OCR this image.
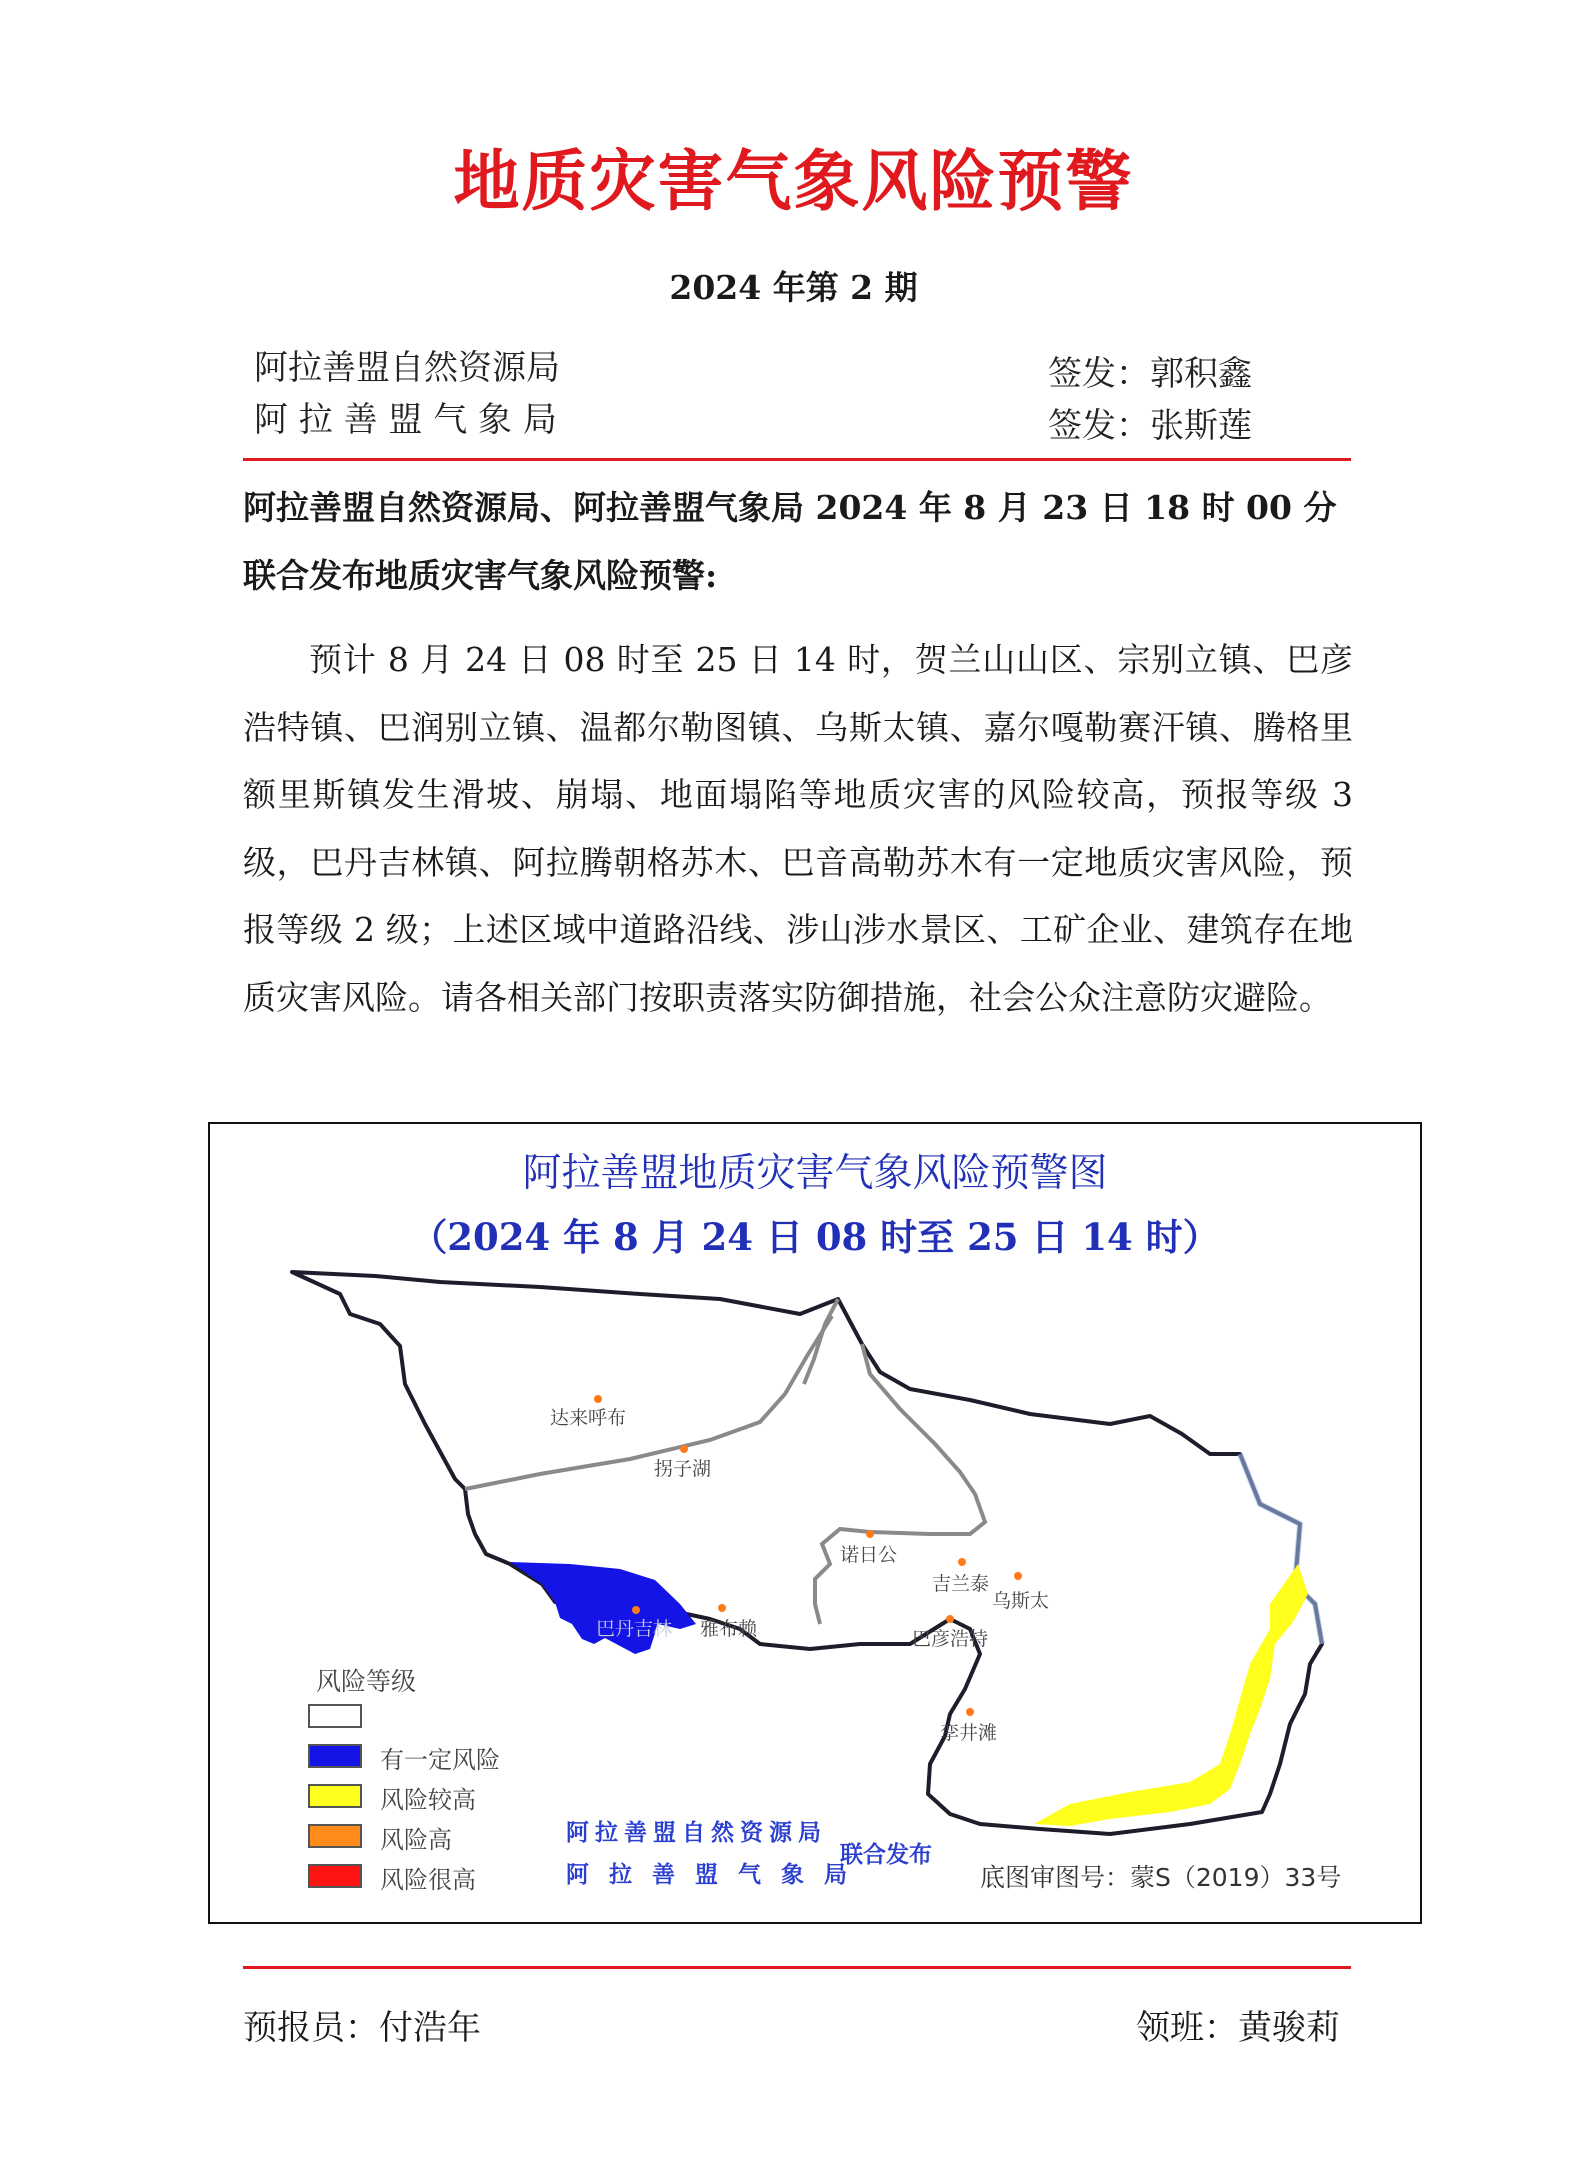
地质灾害气象风险预警
2024 年第 2 期
阿拉善盟自然资源局	签发：郭积鑫
阿 拉 善 盟 气 象 局	签发：张斯莲
阿拉善盟自然资源局、阿拉善盟气象局 2024 年 8 月 23 日 18 时 00 分联合发布地质灾害气象风险预警:
预计 8 月 24 日 08 时至 25 日 14 时，贺兰山山区、宗别立镇、巴彦浩特镇、巴润别立镇、温都尔勒图镇、乌斯太镇、嘉尔嘎勒赛汗镇、腾格里额里斯镇发生滑坡、崩塌、地面塌陷等地质灾害的风险较高，预报等级 3 级，巴丹吉林镇、阿拉腾朝格苏木、巴音高勒苏木有一定地质灾害风险，预报等级 2 级；上述区域中道路沿线、涉山涉水景区、工矿企业、建筑存在地质灾害风险。请各相关部门按职责落实防御措施，社会公众注意防灾避险。
阿拉善盟地质灾害气象风险预警图
（2024 年 8 月 24 日 08 时至 25 日 14 时）
达来呼布
拐子湖
诺日公
吉兰泰
乌斯太
巴彦浩特
巴丹吉林 雅布赖
孪井滩
风险等级
有一定风险
风险较高
风险高
风险很高
阿拉善盟自然资源局
阿 拉 善 盟 气 象 局
联合发布
底图审图号：蒙S（2019）33号
预报员：付浩年	领班：黄骏莉
